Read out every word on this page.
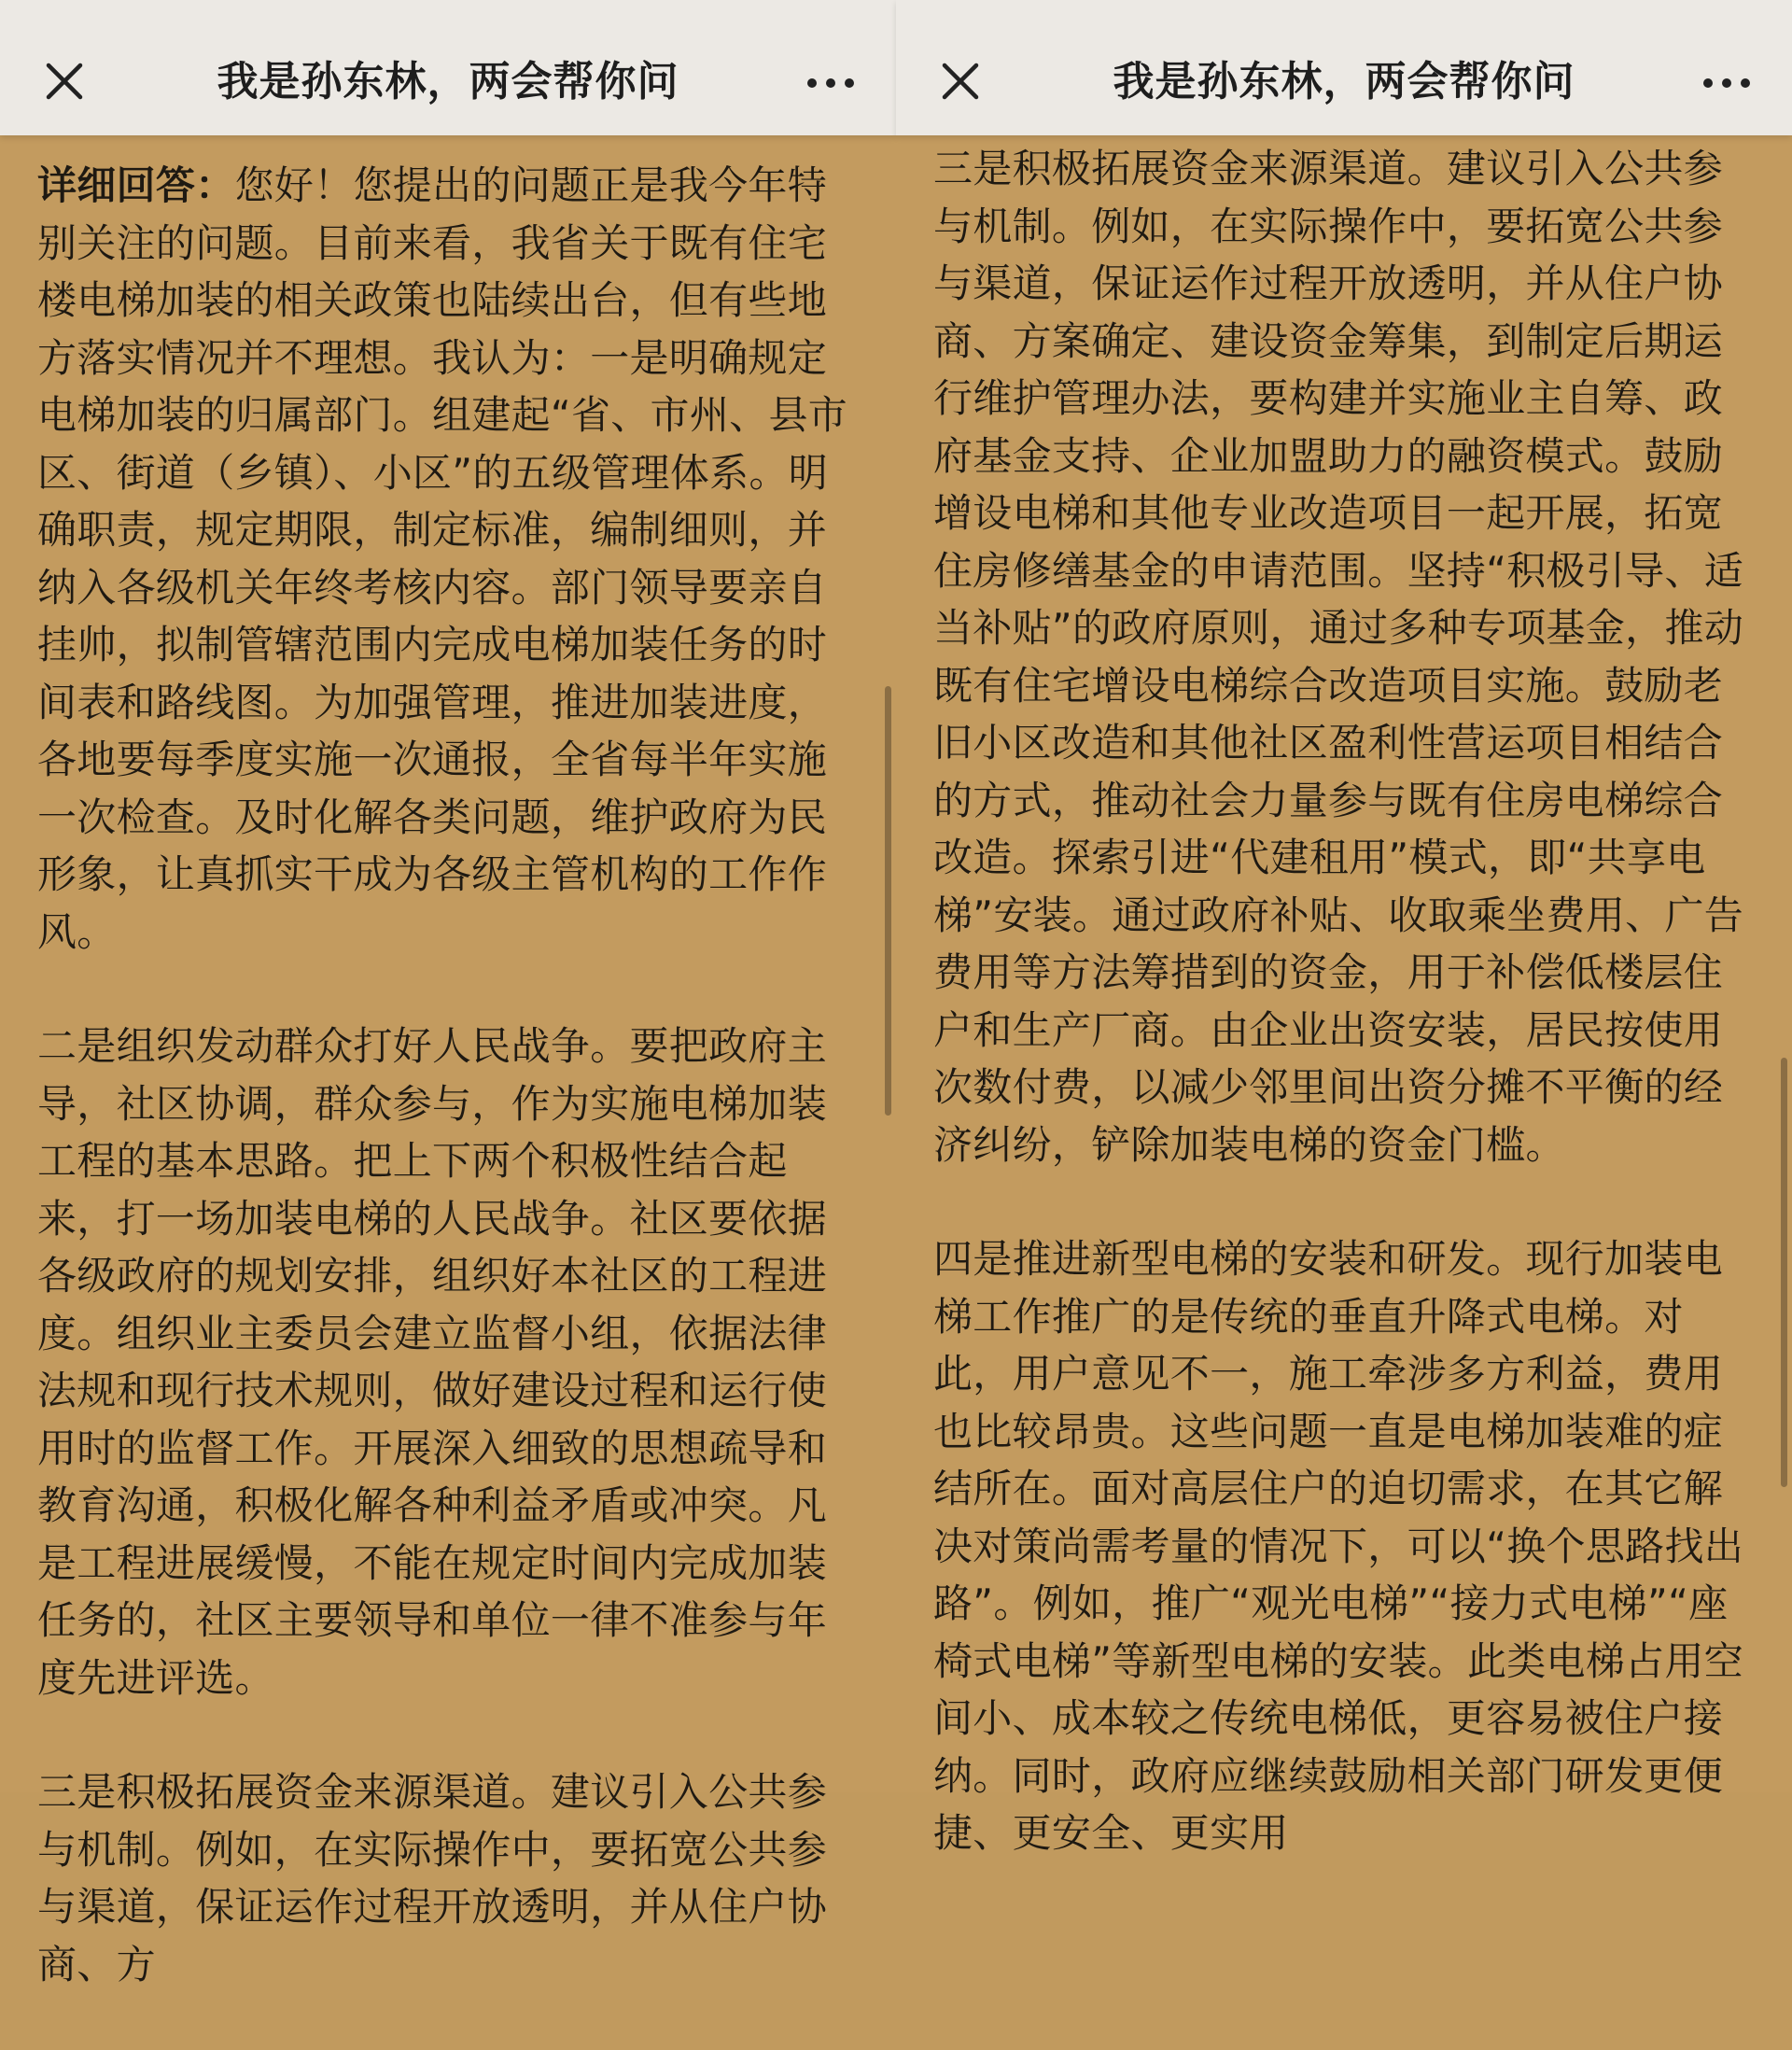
我是孙东林，两会帮你问

详细回答：您好！您提出的问题正是我今年特别关注的问题。目前来看，我省关于既有住宅楼电梯加装的相关政策也陆续出台，但有些地方落实情况并不理想。我认为：一是明确规定电梯加装的归属部门。组建起“省、市州、县市区、街道（乡镇）、小区”的五级管理体系。明确职责，规定期限，制定标准，编制细则，并纳入各级机关年终考核内容。部门领导要亲自挂帅，拟制管辖范围内完成电梯加装任务的时间表和路线图。为加强管理，推进加装进度，各地要每季度实施一次通报，全省每半年实施一次检查。及时化解各类问题，维护政府为民形象，让真抓实干成为各级主管机构的工作作风。

二是组织发动群众打好人民战争。要把政府主导，社区协调，群众参与，作为实施电梯加装工程的基本思路。把上下两个积极性结合起来，打一场加装电梯的人民战争。社区要依据各级政府的规划安排，组织好本社区的工程进度。组织业主委员会建立监督小组，依据法律法规和现行技术规则，做好建设过程和运行使用时的监督工作。开展深入细致的思想疏导和教育沟通，积极化解各种利益矛盾或冲突。凡是工程进展缓慢，不能在规定时间内完成加装任务的，社区主要领导和单位一律不准参与年度先进评选。

三是积极拓展资金来源渠道。建议引入公共参与机制。例如，在实际操作中，要拓宽公共参与渠道，保证运作过程开放透明，并从住户协商、方

我是孙东林，两会帮你问

三是积极拓展资金来源渠道。建议引入公共参与机制。例如，在实际操作中，要拓宽公共参与渠道，保证运作过程开放透明，并从住户协商、方案确定、建设资金筹集，到制定后期运行维护管理办法，要构建并实施业主自筹、政府基金支持、企业加盟助力的融资模式。鼓励增设电梯和其他专业改造项目一起开展，拓宽住房修缮基金的申请范围。坚持“积极引导、适当补贴”的政府原则，通过多种专项基金，推动既有住宅增设电梯综合改造项目实施。鼓励老旧小区改造和其他社区盈利性营运项目相结合的方式，推动社会力量参与既有住房电梯综合改造。探索引进“代建租用”模式，即“共享电梯”安装。通过政府补贴、收取乘坐费用、广告费用等方法筹措到的资金，用于补偿低楼层住户和生产厂商。由企业出资安装，居民按使用次数付费，以减少邻里间出资分摊不平衡的经济纠纷，铲除加装电梯的资金门槛。

四是推进新型电梯的安装和研发。现行加装电梯工作推广的是传统的垂直升降式电梯。对此，用户意见不一，施工牵涉多方利益，费用也比较昂贵。这些问题一直是电梯加装难的症结所在。面对高层住户的迫切需求，在其它解决对策尚需考量的情况下，可以“换个思路找出路”。例如，推广“观光电梯”“接力式电梯”“座椅式电梯”等新型电梯的安装。此类电梯占用空间小、成本较之传统电梯低，更容易被住户接纳。同时，政府应继续鼓励相关部门研发更便捷、更安全、更实用
